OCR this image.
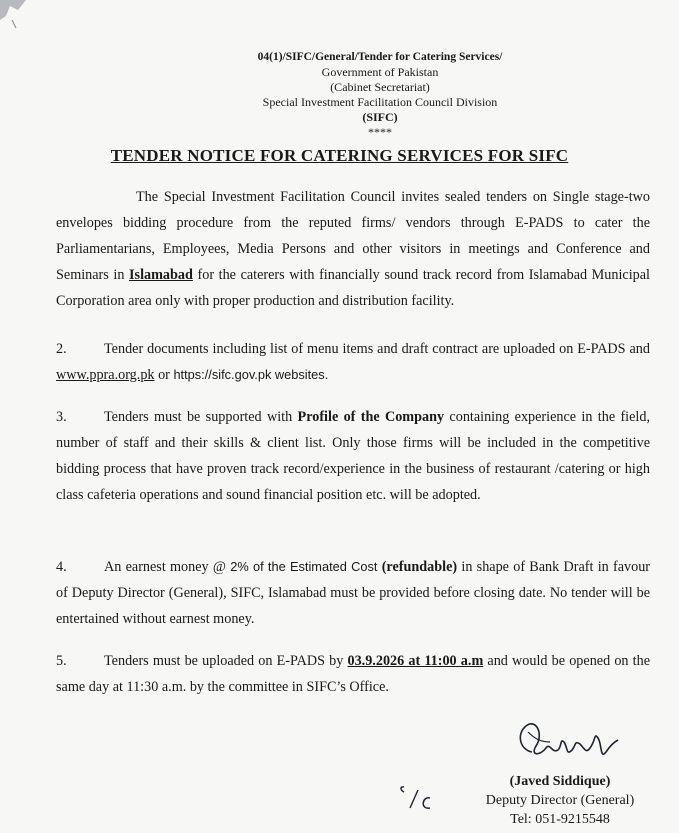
04(1)/SIFC/General/Tender for Catering Services/
Government of Pakistan
(Cabinet Secretariat)
Special Investment Facilitation Council Division
(SIFC)
****
TENDER NOTICE FOR CATERING SERVICES FOR SIFC
The Special Investment Facilitation Council invites sealed tenders on Single stage-two envelopes bidding procedure from the reputed firms/ vendors through E-PADS to cater the Parliamentarians, Employees, Media Persons and other visitors in meetings and Conference and Seminars in Islamabad for the caterers with financially sound track record from Islamabad Municipal Corporation area only with proper production and distribution facility.
2.	Tender documents including list of menu items and draft contract are uploaded on E-PADS and www.ppra.org.pk or https://sifc.gov.pk websites.
3.	Tenders must be supported with Profile of the Company containing experience in the field, number of staff and their skills & client list. Only those firms will be included in the competitive bidding process that have proven track record/experience in the business of restaurant /catering or high class cafeteria operations and sound financial position etc. will be adopted.
4.	An earnest money @ 2% of the Estimated Cost (refundable) in shape of Bank Draft in favour of Deputy Director (General), SIFC, Islamabad must be provided before closing date. No tender will be entertained without earnest money.
5.	Tenders must be uploaded on E-PADS by 03.9.2026 at 11:00 a.m and would be opened on the same day at 11:30 a.m. by the committee in SIFC’s Office.
(Javed Siddique)
Deputy Director (General)
Tel: 051-9215548
